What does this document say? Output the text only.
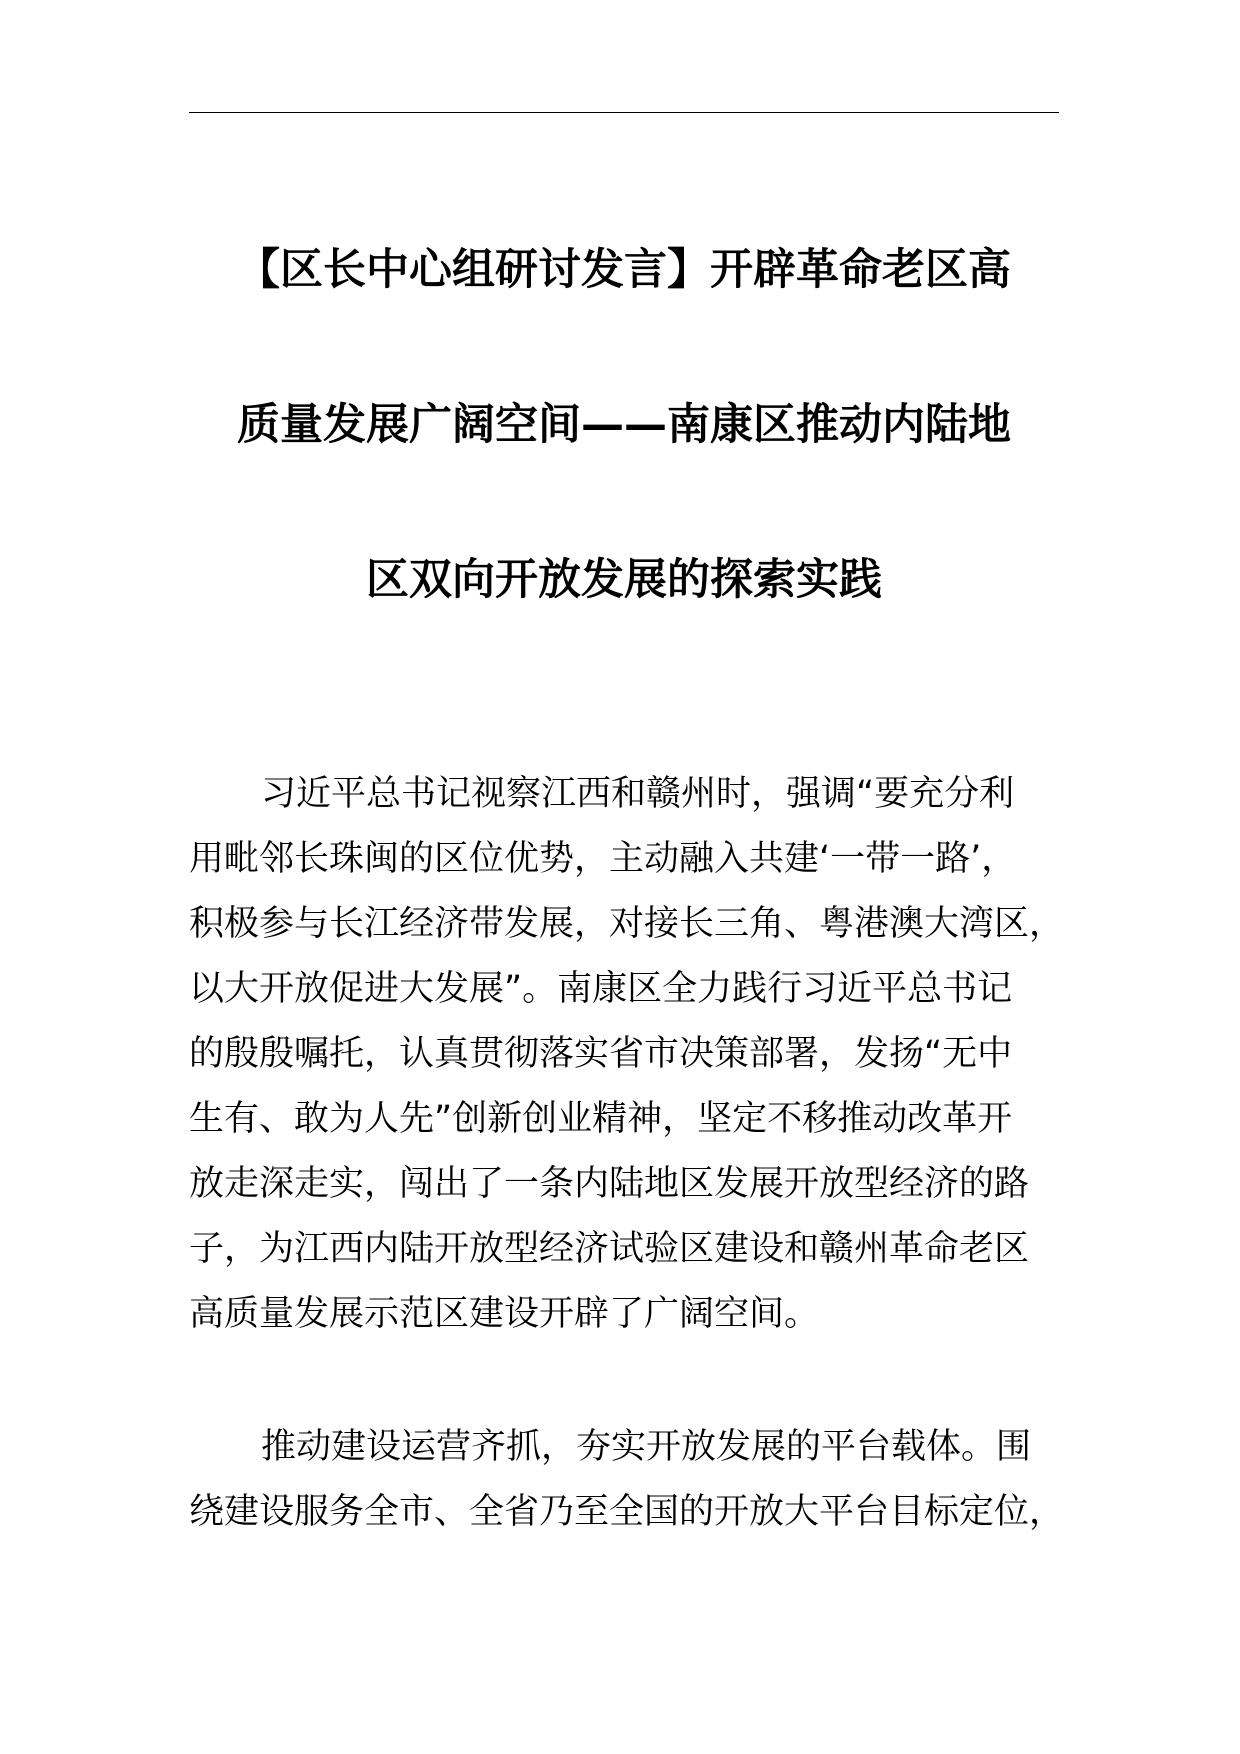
【区长中心组研讨发言】开辟革命老区高
质量发展广阔空间——南康区推动内陆地
区双向开放发展的探索实践
习近平总书记视察江西和赣州时，强调“要充分利
用毗邻长珠闽的区位优势，主动融入共建‘一带一路’，
积极参与长江经济带发展，对接长三角、粤港澳大湾区，
以大开放促进大发展”。南康区全力践行习近平总书记
的殷殷嘱托，认真贯彻落实省市决策部署，发扬“无中
生有、敢为人先”创新创业精神，坚定不移推动改革开
放走深走实，闯出了一条内陆地区发展开放型经济的路
子，为江西内陆开放型经济试验区建设和赣州革命老区
高质量发展示范区建设开辟了广阔空间。
推动建设运营齐抓，夯实开放发展的平台载体。围
绕建设服务全市、全省乃至全国的开放大平台目标定位，
